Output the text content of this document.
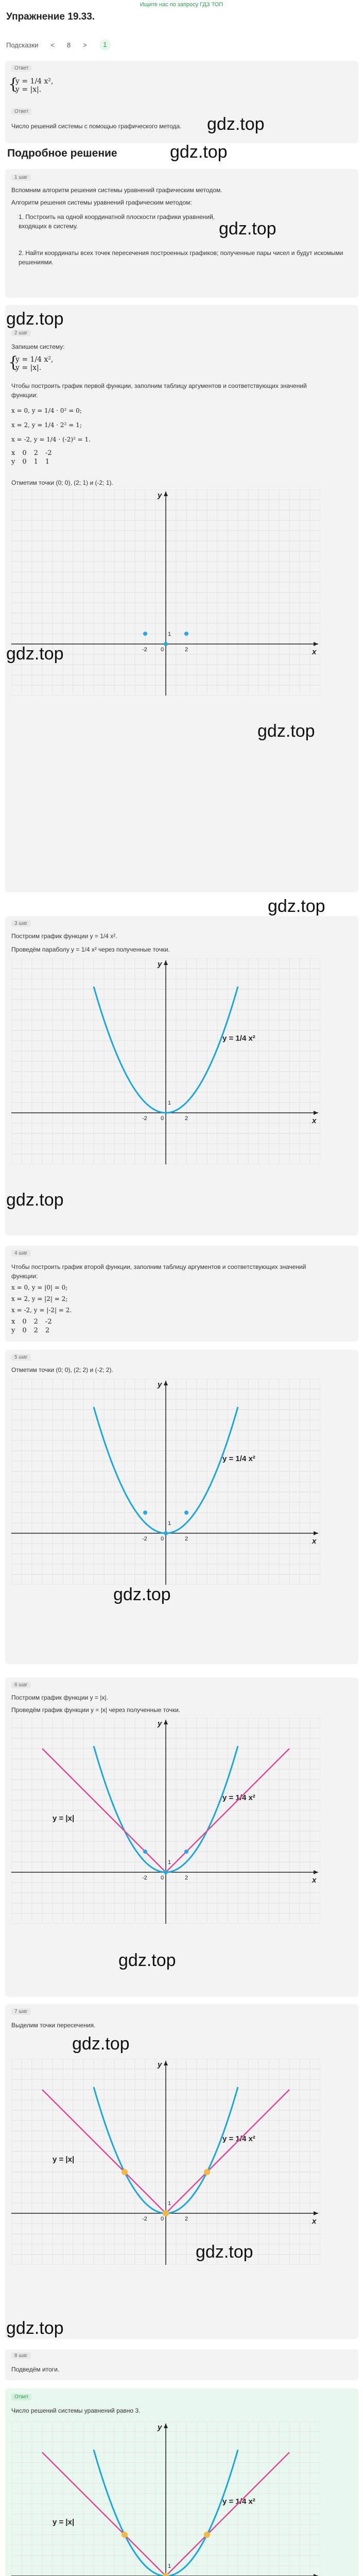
Ищите нас по запросу ГДЗ ТОП
Упражнение 19.33.
Подсказки < 8 >	1
Ответ
{
y = 1/4 x²,
y = |x|.
Ответ
Число решений системы с помощью графического метода. gdz.top
Подробное решение	gdz.top
1 шаг
Вспомним алгоритм решения системы уравнений графическим методом.
Алгоритм решения системы уравнений графическим методом:
1. Построить на одной координатной плоскости графики уравнений, входящих в систему.
2. Найти координаты всех точек пересечения построенных графиков; полученные пары чисел и будут искомыми решениями.
gdz.top
gdz.top
2 шаг
Запишем систему:
{
y = 1/4 x²,
y = |x|.
Чтобы построить график первой функции, заполним таблицу аргументов и соответствующих значений функции:
x = 0, y = 1/4 · 0² = 0;
x = 2, y = 1/4 · 2² = 1;
x = -2, y = 1/4 · (-2)² = 1.
x	0	2	-2
y	0	1	1
Отметим точки (0; 0), (2; 1) и (-2; 1).
x
y
-2 0
1
2
gdz.top
gdz.top
gdz.top
3 шаг
Построим график функции y = 1/4 x².
Проведём параболу y = 1/4 x² через полученные точки.
x
y
-2 0
1
2
y = 1/4 x²
gdz.top
4 шаг
Чтобы построить график второй функции, заполним таблицу аргументов и соответствующих значений функции:
x = 0, y = |0| = 0;
x = 2, y = |2| = 2;
x = -2, y = |-2| = 2.
x	0	2	-2
y	0	2	2
5 шаг
Отметим точки (0; 0), (2; 2) и (-2; 2).
x
y
-2 0
1
2
y = 1/4 x²
gdz.top
6 шаг
Построим график функции y = |x|.
Проведём график функции y = |x| через полученные точки.
x
y
-2 0
1
2
y = 1/4 x²
y = |x|
gdz.top
7 шаг
gdz.top
Выделим точки пересечения.
x
y
-2 0
1
2
y = 1/4 x²
y = |x|
gdz.top
gdz.top
8 шаг
Подведём итоги.
Ответ
Число решений системы уравнений равно 3.
y
1
y = 1/4 x²
y = |x|
